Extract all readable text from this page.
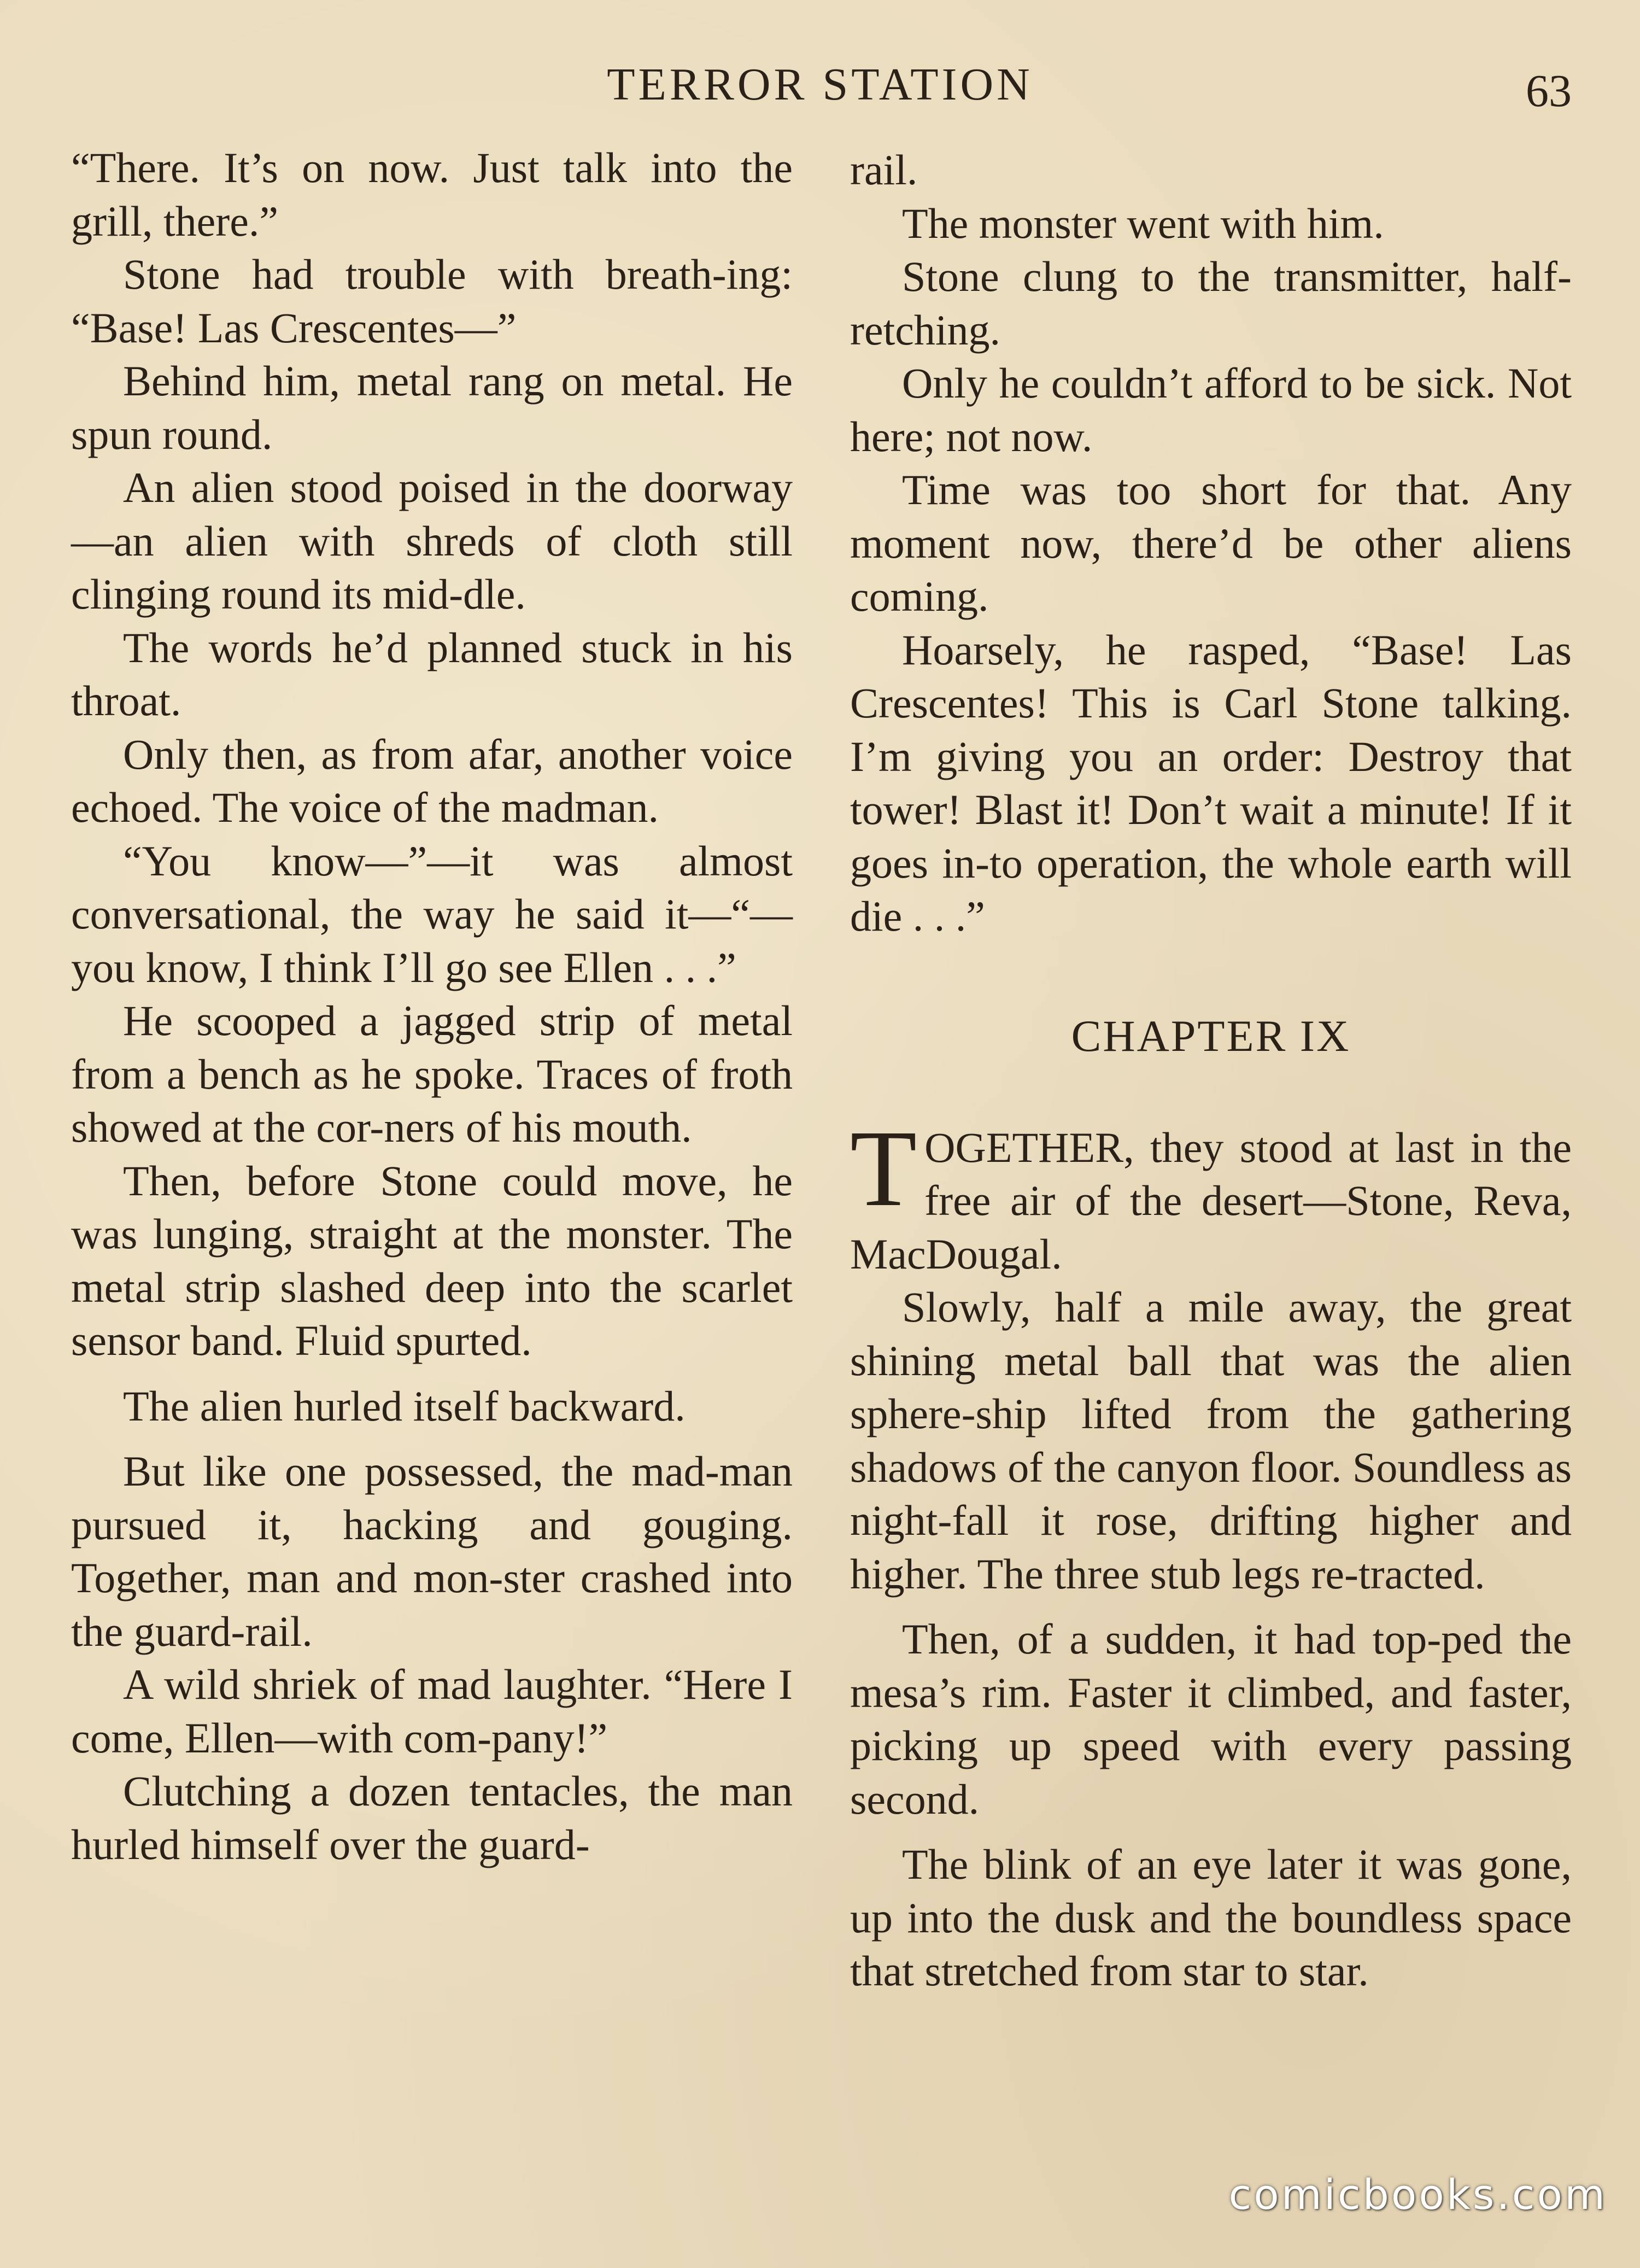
TERROR STATION	63

“There. It’s on now. Just talk into the grill, there.”

Stone had trouble with breath-ing: “Base! Las Crescentes—”

Behind him, metal rang on metal. He spun round.

An alien stood poised in the doorway—an alien with shreds of cloth still clinging round its mid-dle.

The words he’d planned stuck in his throat.

Only then, as from afar, another voice echoed. The voice of the madman.

“You know—”—it was almost conversational, the way he said it—“—you know, I think I’ll go see Ellen . . .”

He scooped a jagged strip of metal from a bench as he spoke. Traces of froth showed at the cor-ners of his mouth.

Then, before Stone could move, he was lunging, straight at the monster. The metal strip slashed deep into the scarlet sensor band. Fluid spurted.

The alien hurled itself backward.

But like one possessed, the mad-man pursued it, hacking and gouging. Together, man and mon-ster crashed into the guard-rail.

A wild shriek of mad laughter. “Here I come, Ellen—with com-pany!”

Clutching a dozen tentacles, the man hurled himself over the guard-

rail.

The monster went with him.

Stone clung to the transmitter, half-retching.

Only he couldn’t afford to be sick. Not here; not now.

Time was too short for that. Any moment now, there’d be other aliens coming.

Hoarsely, he rasped, “Base! Las Crescentes! This is Carl Stone talking. I’m giving you an order: Destroy that tower! Blast it! Don’t wait a minute! If it goes in-to operation, the whole earth will die . . .”

CHAPTER IX

TOGETHER, they stood at last in the free air of the desert—Stone, Reva, MacDougal.

Slowly, half a mile away, the great shining metal ball that was the alien sphere-ship lifted from the gathering shadows of the canyon floor. Soundless as night-fall it rose, drifting higher and higher. The three stub legs re-tracted.

Then, of a sudden, it had top-ped the mesa’s rim. Faster it climbed, and faster, picking up speed with every passing second.

The blink of an eye later it was gone, up into the dusk and the boundless space that stretched from star to star.

comicbooks.com
